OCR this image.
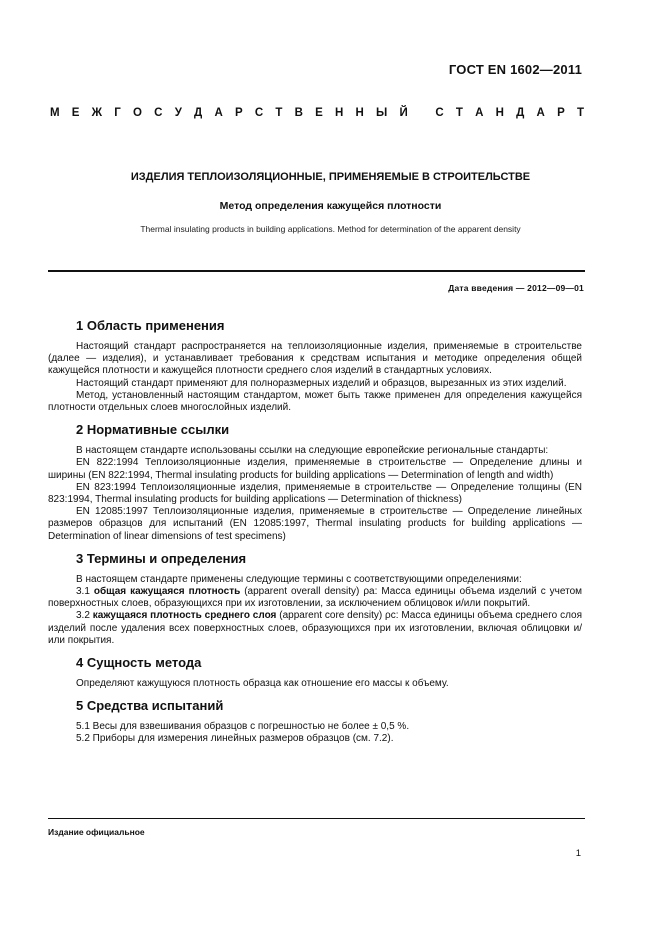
ГОСТ EN 1602—2011
М Е Ж Г О С У Д А Р С Т В Е Н Н Ы Й
С Т А Н Д А Р Т
ИЗДЕЛИЯ ТЕПЛОИЗОЛЯЦИОННЫЕ, ПРИМЕНЯЕМЫЕ В СТРОИТЕЛЬСТВЕ
Метод определения кажущейся плотности
Thermal insulating products in building applications. Method for determination of the apparent density
Дата введения — 2012—09—01
1 Область применения

Настоящий стандарт распространяется на теплоизоляционные изделия, применяемые в строительстве (далее — изделия), и устанавливает требования к средствам испытания и методике определения общей кажущейся плотности и кажущейся плотности среднего слоя изделий в стандартных условиях.

Настоящий стандарт применяют для полноразмерных изделий и образцов, вырезанных из этих изделий.

Метод, установленный настоящим стандартом, может быть также применен для определения кажущейся плотности отдельных слоев многослойных изделий.

2 Нормативные ссылки

В настоящем стандарте использованы ссылки на следующие европейские региональные стандарты:

EN 822:1994 Теплоизоляционные изделия, применяемые в строительстве — Определение длины и ширины (EN 822:1994, Thermal insulating products for building applications — Determination of length and width)

EN 823:1994 Теплоизоляционные изделия, применяемые в строительстве — Определение толщины (EN 823:1994, Thermal insulating products for building applications — Determination of thickness)

EN 12085:1997 Теплоизоляционные изделия, применяемые в строительстве — Определение линейных размеров образцов для испытаний (EN 12085:1997, Thermal insulating products for building applications — Determination of linear dimensions of test specimens)

3 Термины и определения

В настоящем стандарте применены следующие термины с соответствующими определениями:

3.1 общая кажущаяся плотность (apparent overall density) ρa: Масса единицы объема изделий с учетом поверхностных слоев, образующихся при их изготовлении, за исключением облицовок и/или покрытий.

3.2 кажущаяся плотность среднего слоя (apparent core density) ρc: Масса единицы объема среднего слоя изделий после удаления всех поверхностных слоев, образующихся при их изготовлении, включая облицовки и/или покрытия.

4 Сущность метода

Определяют кажущуюся плотность образца как отношение его массы к объему.

5 Средства испытаний

5.1 Весы для взвешивания образцов с погрешностью не более ± 0,5 %.

5.2 Приборы для измерения линейных размеров образцов (см. 7.2).

Издание официальное
1
